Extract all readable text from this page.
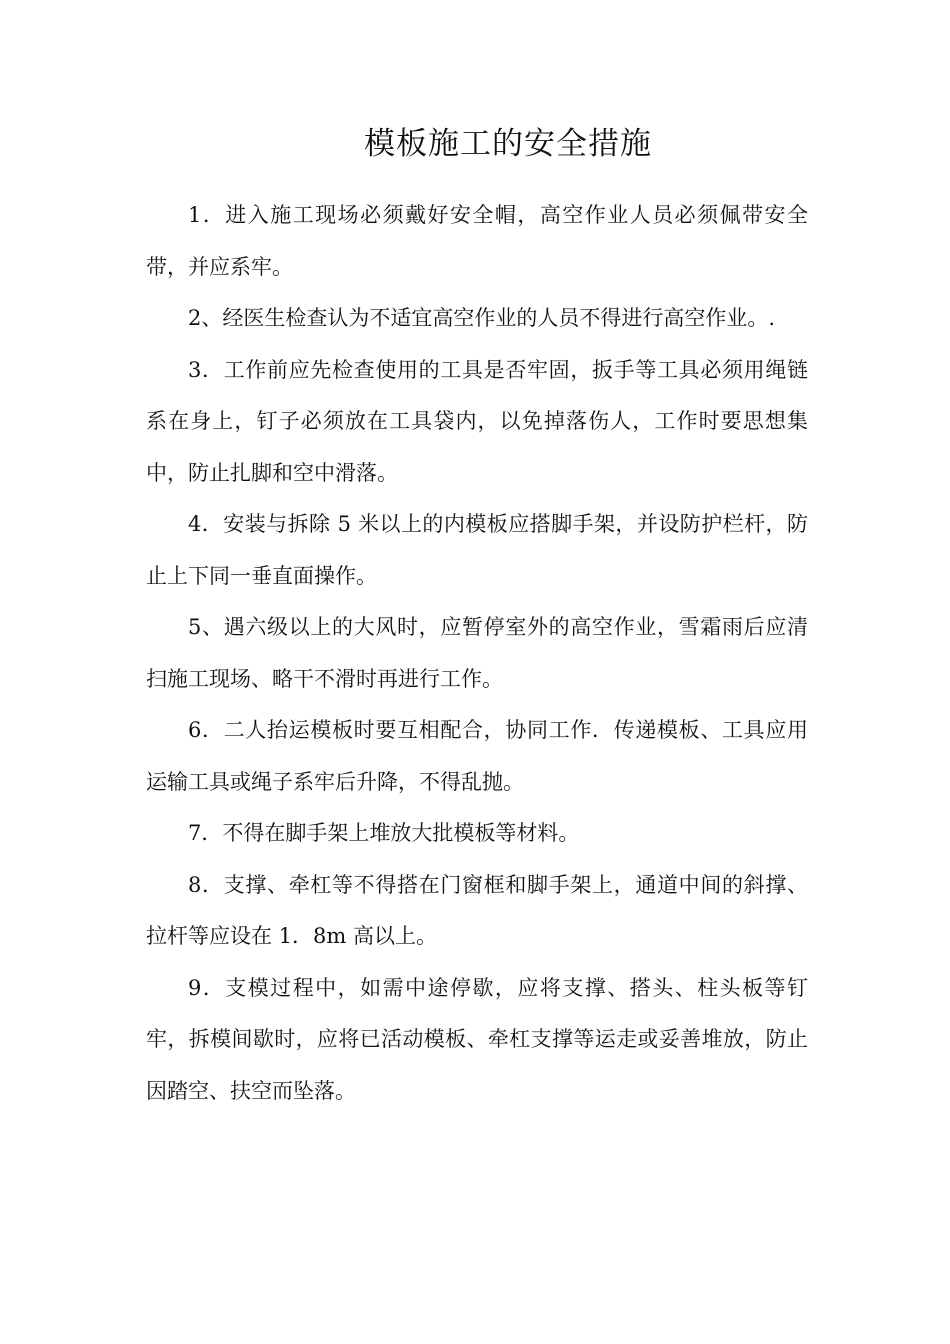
模板施工的安全措施

1．进入施工现场必须戴好安全帽，高空作业人员必须佩带安全带，并应系牢。

2、经医生检查认为不适宜高空作业的人员不得进行高空作业。.

3．工作前应先检查使用的工具是否牢固，扳手等工具必须用绳链系在身上，钉子必须放在工具袋内，以免掉落伤人，工作时要思想集中，防止扎脚和空中滑落。

4．安装与拆除 5 米以上的内模板应搭脚手架，并设防护栏杆，防止上下同一垂直面操作。

5、遇六级以上的大风时，应暂停室外的高空作业，雪霜雨后应清扫施工现场、略干不滑时再进行工作。

6．二人抬运模板时要互相配合，协同工作．传递模板、工具应用运输工具或绳子系牢后升降，不得乱抛。

7．不得在脚手架上堆放大批模板等材料。

8．支撑、牵杠等不得搭在门窗框和脚手架上，通道中间的斜撑、拉杆等应设在 1．8m 高以上。

9．支模过程中，如需中途停歇，应将支撑、搭头、柱头板等钉牢，拆模间歇时，应将已活动模板、牵杠支撑等运走或妥善堆放，防止因踏空、扶空而坠落。
